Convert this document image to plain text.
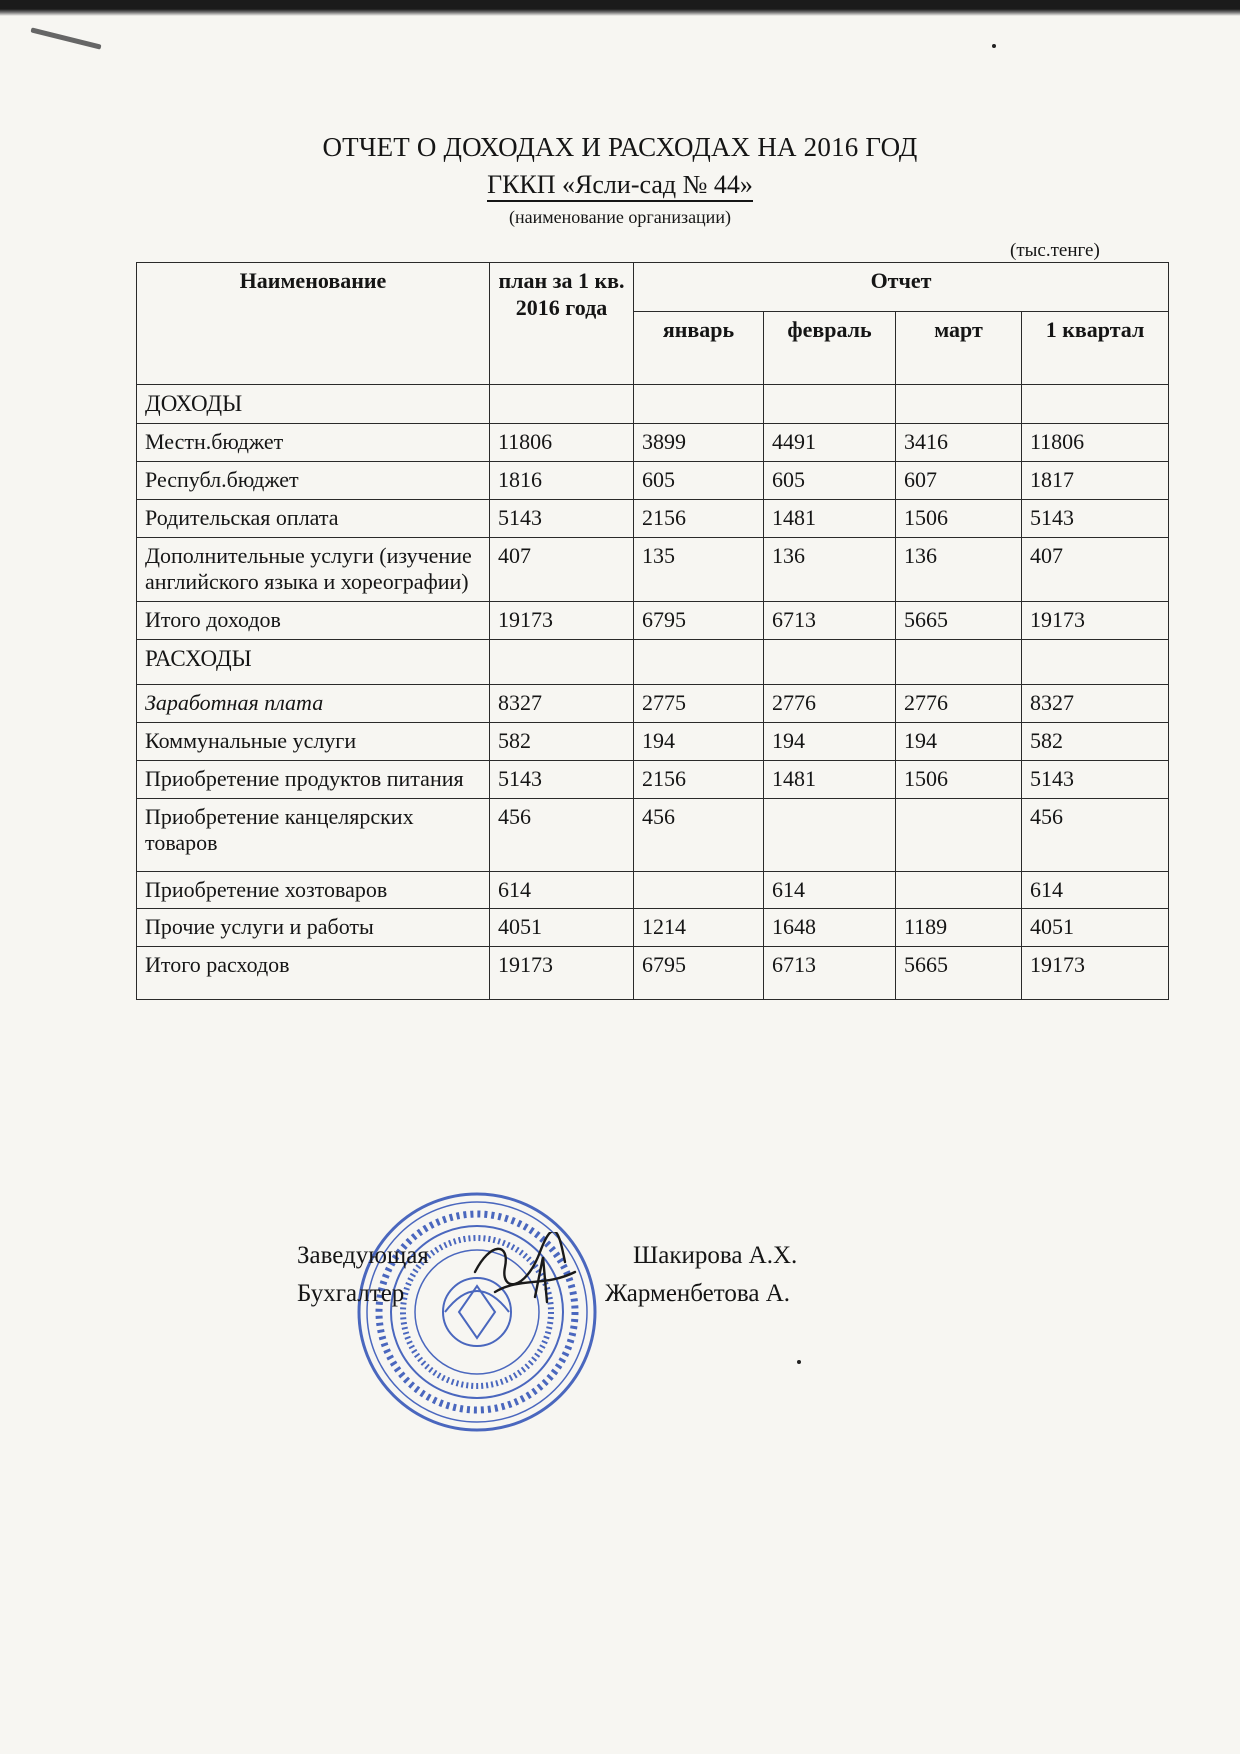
ОТЧЕТ О ДОХОДАХ И РАСХОДАХ НА 2016 ГОД
ГККП «Ясли-сад № 44»
(наименование организации)
(тыс.тенге)
Наименование	план за 1 кв. 2016 года	Отчет			
		январь	февраль	март	1 квартал
ДОХОДЫ					
Местн.бюджет	11806	3899	4491	3416	11806
Республ.бюджет	1816	605	605	607	1817
Родительская оплата	5143	2156	1481	1506	5143
Дополнительные услуги (изучение английского языка и хореографии)	407	135	136	136	407
Итого доходов	19173	6795	6713	5665	19173
РАСХОДЫ					
Заработная плата	8327	2775	2776	2776	8327
Коммунальные услуги	582	194	194	194	582
Приобретение продуктов питания	5143	2156	1481	1506	5143
Приобретение канцелярских товаров	456	456			456
Приобретение хозтоваров	614		614		614
Прочие услуги и работы	4051	1214	1648	1189	4051
Итого расходов	19173	6795	6713	5665	19173
Заведующая	Шакирова А.Х.
Бухгалтер	Жарменбетова А.
